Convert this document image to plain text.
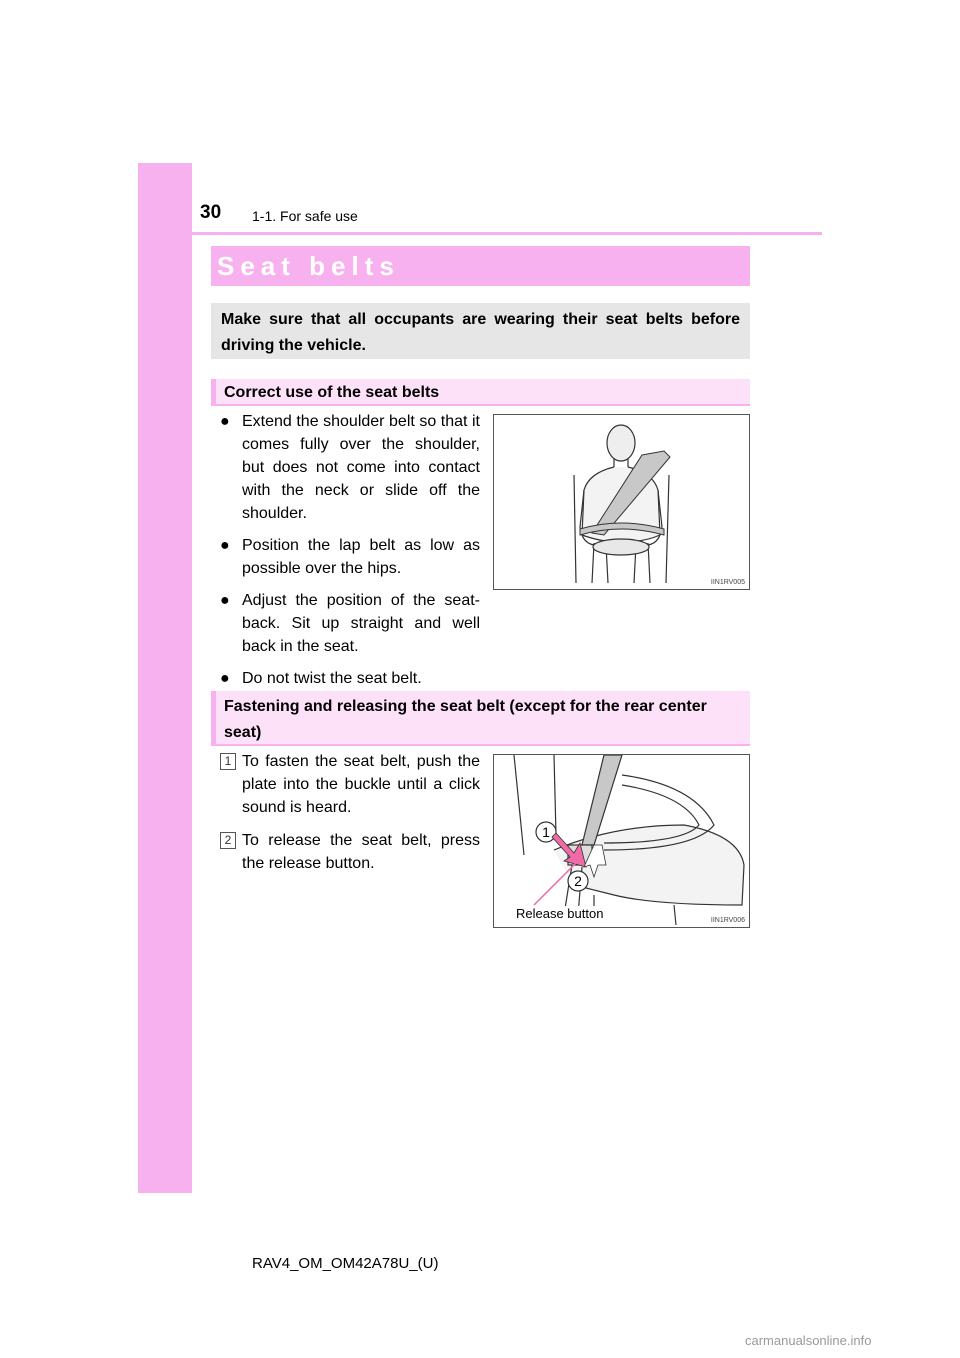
30 1-1. For safe use
Seat belts
Make sure that all occupants are wearing their seat belts before driving the vehicle.
Correct use of the seat belts
● Extend the shoulder belt so that it comes fully over the shoulder, but does not come into contact with the neck or slide off the shoulder.
● Position the lap belt as low as possible over the hips.
● Adjust the position of the seat-back. Sit up straight and well back in the seat.
● Do not twist the seat belt.
IIN1RV005
Fastening and releasing the seat belt (except for the rear center seat)
1 To fasten the seat belt, push the plate into the buckle until a click sound is heard.
2 To release the seat belt, press the release button.
1
2
Release button	IIN1RV006
RAV4_OM_OM42A78U_(U)
carmanualsonline.info
